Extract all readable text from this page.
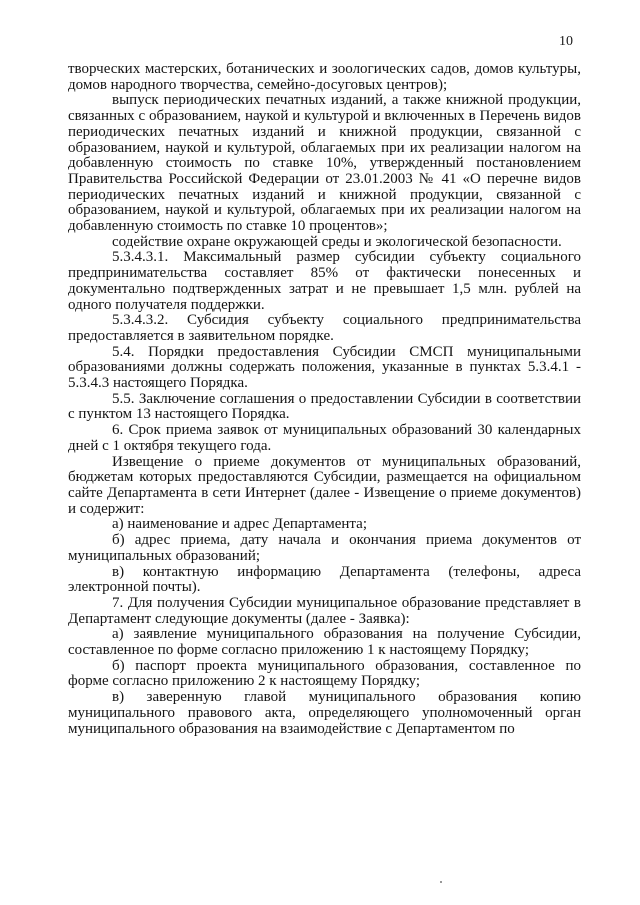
10

творческих мастерских, ботанических и зоологических садов, домов культуры, домов народного творчества, семейно-досуговых центров);

выпуск периодических печатных изданий, а также книжной продукции, связанных с образованием, наукой и культурой и включенных в Перечень видов периодических печатных изданий и книжной продукции, связанной с образованием, наукой и культурой, облагаемых при их реализации налогом на добавленную стоимость по ставке 10%, утвержденный постановлением Правительства Российской Федерации от 23.01.2003 № 41 «О перечне видов периодических печатных изданий и книжной продукции, связанной с образованием, наукой и культурой, облагаемых при их реализации налогом на добавленную стоимость по ставке 10 процентов»;

содействие охране окружающей среды и экологической безопасности.

5.3.4.3.1. Максимальный размер субсидии субъекту социального предпринимательства составляет 85% от фактически понесенных и документально подтвержденных затрат и не превышает 1,5 млн. рублей на одного получателя поддержки.

5.3.4.3.2. Субсидия субъекту социального предпринимательства предоставляется в заявительном порядке.

5.4. Порядки предоставления Субсидии СМСП муниципальными образованиями должны содержать положения, указанные в пунктах 5.3.4.1 - 5.3.4.3 настоящего Порядка.

5.5. Заключение соглашения о предоставлении Субсидии в соответствии с пунктом 13 настоящего Порядка.

6. Срок приема заявок от муниципальных образований 30 календарных дней с 1 октября текущего года.

Извещение о приеме документов от муниципальных образований, бюджетам которых предоставляются Субсидии, размещается на официальном сайте Департамента в сети Интернет (далее - Извещение о приеме документов) и содержит:

а) наименование и адрес Департамента;

б) адрес приема, дату начала и окончания приема документов от муниципальных образований;

в) контактную информацию Департамента (телефоны, адреса электронной почты).

7. Для получения Субсидии муниципальное образование представляет в Департамент следующие документы (далее - Заявка):

а) заявление муниципального образования на получение Субсидии, составленное по форме согласно приложению 1 к настоящему Порядку;

б) паспорт проекта муниципального образования, составленное по форме согласно приложению 2 к настоящему Порядку;

в) заверенную главой муниципального образования копию муниципального правового акта, определяющего уполномоченный орган муниципального образования на взаимодействие с Департаментом по
